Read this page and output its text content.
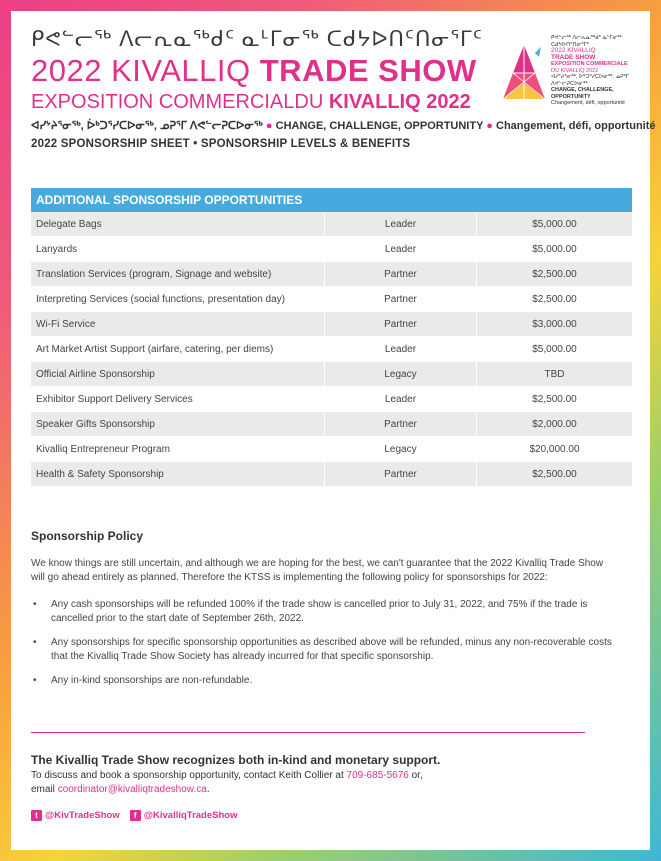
ᑭᕙᓪᓕᖅ ᐱᓕᕆᓇᖅᑯᑦ ᓇᒻᒥᓂᖅ ᑕᑯᔭᐅᑎᑦᑎᓂᕐᒥᑦ
2022 KIVALLIQ TRADE SHOW
EXPOSITION COMMERCIALDU KIVALLIQ 2022
ᐊᓯᔾᔨᕐᓂᖅ, ᐆᒃᑐᕐᓯᑕᐅᓂᖅ, ᓄᕈᕐᒥ ᐱᕙᓪᓕᕈᑕᐅᓂᖅ ● CHANGE, CHALLENGE, OPPORTUNITY ● Changement, défi, opportunité
2022 SPONSORSHIP SHEET • SPONSORSHIP LEVELS & BENEFITS
ᑭᕙᓪᓕᖅ ᐱᓕᕆᓇᖅᑯᑦ ᓇᒻᒥᓂᖅ ᑕᑯᔭᐅᑎᑦᑎᓂᕐᒥᑦ
2022 KIVALLIQ
TRADE SHOW
EXPOSITION COMMERCIALE
DU KIVALLIQ 2022
ᐊᓯᔾᔨᕐᓂᖅ, ᐆᒃᑐᕐᓯᑕᐅᓂᖅ, ᓄᕈᕐᒥ ᐱᕙᓪᓕᕈᑕᐅᓂᖅ
CHANGE, CHALLENGE, OPPORTUNITY
Changement, défi, opportunité
ADDITIONAL SPONSORSHIP OPPORTUNITIES
Delegate Bags	Leader	$5,000.00
Lanyards	Leader	$5,000.00
Translation Services (program, Signage and website)	Partner	$2,500.00
Interpreting Services (social functions, presentation day)	Partner	$2,500.00
Wi-Fi Service	Partner	$3,000.00
Art Market Artist Support (airfare, catering, per diems)	Leader	$5,000.00
Official Airline Sponsorship	Legacy	TBD
Exhibitor Support Delivery Services	Leader	$2,500.00
Speaker Gifts Sponsorship	Partner	$2,000.00
Kivalliq Entrepreneur Program	Legacy	$20,000.00
Health & Safety Sponsorship	Partner	$2,500.00
Sponsorship Policy
We know things are still uncertain, and although we are hoping for the best, we can't guarantee that the 2022 Kivalliq Trade Show will go ahead entirely as planned. Therefore the KTSS is implementing the following policy for sponsorships for 2022:
• Any cash sponsorships will be refunded 100% if the trade show is cancelled prior to July 31, 2022, and 75% if the trade is cancelled prior to the start date of September 26th, 2022.
• Any sponsorships for specific sponsorship opportunities as described above will be refunded, minus any non-recoverable costs that the Kivalliq Trade Show Society has already incurred for that specific sponsorship.
• Any in-kind sponsorships are non-refundable.
The Kivalliq Trade Show recognizes both in-kind and monetary support.
To discuss and book a sponsorship opportunity, contact Keith Collier at 709-685-5676 or,
email coordinator@kivalliqtradeshow.ca.
t @KivTradeShow	f @KivalliqTradeShow
